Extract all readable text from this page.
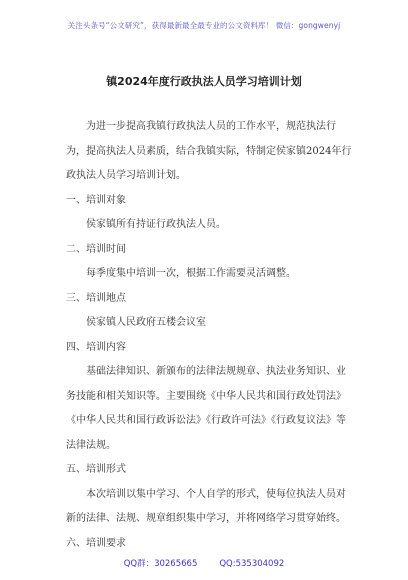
关注头条号“公文研究”，获得最新最全最专业的公文资料库！ 微信：gongwenyj
镇2024年度行政执法人员学习培训计划

为进一步提高我镇行政执法人员的工作水平，规范执法行为，提高执法人员素质，结合我镇实际，特制定侯家镇2024年行政执法人员学习培训计划。

一、培训对象

侯家镇所有持证行政执法人员。

二、培训时间

每季度集中培训一次，根据工作需要灵活调整。

三、培训地点

侯家镇人民政府五楼会议室

四、培训内容

基础法律知识、新颁布的法律法规规章、执法业务知识、业务技能和相关知识等。主要围绕《中华人民共和国行政处罚法》《中华人民共和国行政诉讼法》《行政许可法》《行政复议法》等法律法规。

五、培训形式

本次培训以集中学习、个人自学的形式，使每位执法人员对新的法律、法规、规章组织集中学习，并将网络学习贯穿始终。

六、培训要求

QQ群：30265665	QQ:535304092
